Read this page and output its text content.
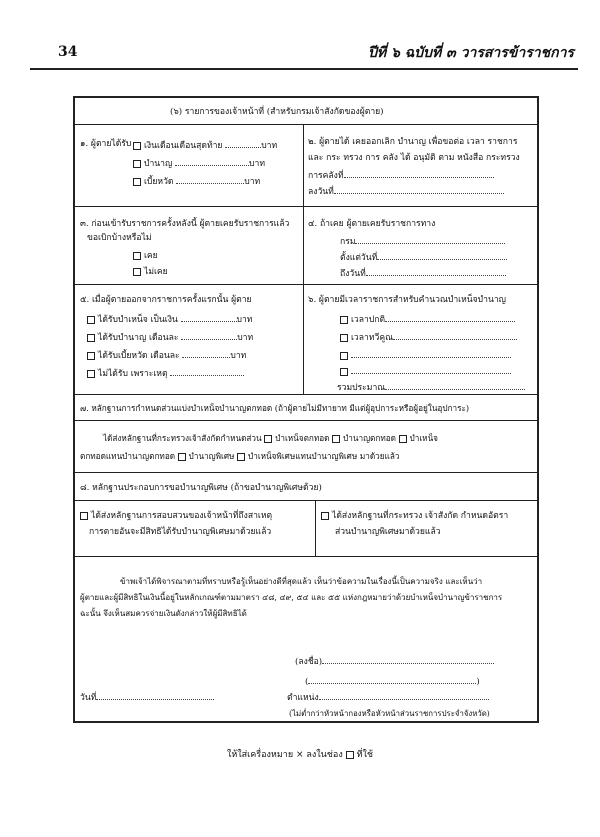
34	ปีที่ ๖ ฉบับที่ ๓ วารสารข้าราชการ
(๖) รายการของเจ้าหน้าที่ (สำหรับกรมเจ้าสังกัดของผู้ตาย)
๑. ผู้ตายได้รับ	เงินเดือนเดือนสุดท้าย	บาท
บำนาญ	บาท
เบี้ยหวัด	บาท
๒. ผู้ตายได้ เคยออกเลิก บำนาญ เพื่อขอต่อ เวลา ราชการ
และ กระ ทรวง การ คลัง ได้ อนุมัติ ตาม หนังสือ กระทรวง
การคลังที่
ลงวันที่
๓. ก่อนเข้ารับราชการครั้งหลังนี้ ผู้ตายเคยรับราชการแล้ว
ขอเบิกบ้างหรือไม่
เคย
ไม่เคย
๔. ถ้าเคย ผู้ตายเคยรับราชการทาง
กรม
ตั้งแต่วันที่
ถึงวันที่
๕. เมื่อผู้ตายออกจากราชการครั้งแรกนั้น ผู้ตาย
ได้รับบำเหน็จ เป็นเงิน	บาท
ได้รับบำนาญ เดือนละ	บาท
ได้รับเบี้ยหวัด เดือนละ	บาท
ไม่ได้รับ เพราะเหตุ
๖. ผู้ตายมีเวลาราชการสำหรับคำนวณบำเหน็จบำนาญ
เวลาปกติ
เวลาทวีคูณ
รวมประมาณ
๗. หลักฐานการกำหนดส่วนแบ่งบำเหน็จบำนาญตกทอด (ถ้าผู้ตายไม่มีทายาท มีแต่ผู้อุปการะหรือผู้อยู่ในอุปการะ)
ได้ส่งหลักฐานที่กระทรวงเจ้าสังกัดกำหนดส่วน บำเหน็จตกทอด บำนาญตกทอด บำเหน็จ
ตกทอดแทนบำนาญตกทอด บำนาญพิเศษ บำเหน็จพิเศษแทนบำนาญพิเศษ มาด้วยแล้ว
๘. หลักฐานประกอบการขอบำนาญพิเศษ (ถ้าขอบำนาญพิเศษด้วย)
ได้ส่งหลักฐานการสอบสวนของเจ้าหน้าที่ถึงสาเหตุ
การตายอันจะมีสิทธิได้รับบำนาญพิเศษมาด้วยแล้ว
ได้ส่งหลักฐานที่กระทรวง เจ้าสังกัด กำหนดอัตรา
ส่วนบำนาญพิเศษมาด้วยแล้ว
ข้าพเจ้าได้พิจารณาตามที่ทราบหรือรู้เห็นอย่างดีที่สุดแล้ว เห็นว่าข้อความในเรื่องนี้เป็นความจริง และเห็นว่า
ผู้ตายและผู้มีสิทธิในเงินนี้อยู่ในหลักเกณฑ์ตามมาตรา ๔๘, ๔๙, ๕๔ และ ๕๕ แห่งกฎหมายว่าด้วยบำเหน็จบำนาญข้าราชการ
ฉะนั้น จึงเห็นสมควรจ่ายเงินดังกล่าวให้ผู้มีสิทธิได้
(ลงชื่อ)
(	)
วันที่	ตำแหน่ง
(ไม่ต่ำกว่าหัวหน้ากองหรือหัวหน้าส่วนราชการประจำจังหวัด)
ให้ใส่เครื่องหมาย × ลงในช่อง ที่ใช้
